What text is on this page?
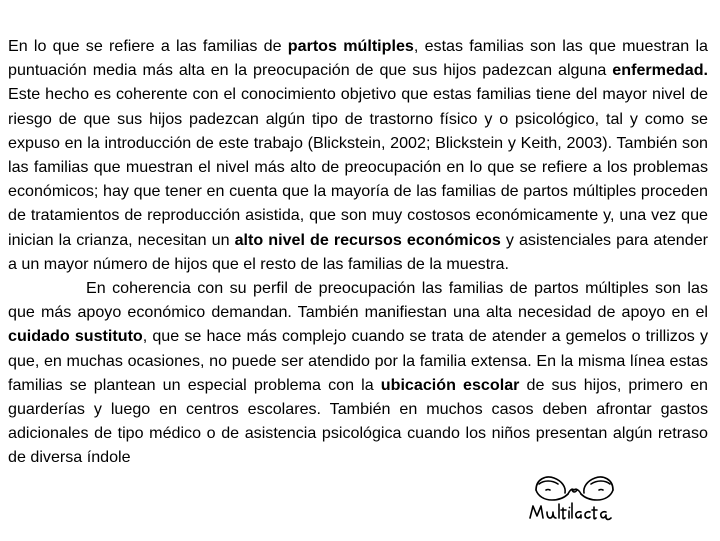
En lo que se refiere a las familias de partos múltiples, estas familias son las que muestran la puntuación media más alta en la preocupación de que sus hijos padezcan alguna enfermedad. Este hecho es coherente con el conocimiento objetivo que estas familias tiene del mayor nivel de riesgo de que sus hijos padezcan algún tipo de trastorno físico y o psicológico, tal y como se expuso en la introducción de este trabajo (Blickstein, 2002; Blickstein y Keith, 2003). También son las familias que muestran el nivel más alto de preocupación en lo que se refiere a los problemas económicos; hay que tener en cuenta que la mayoría de las familias de partos múltiples proceden de tratamientos de reproducción asistida, que son muy costosos económicamente y, una vez que inician la crianza, necesitan un alto nivel de recursos económicos y asistenciales para atender a un mayor número de hijos que el resto de las familias de la muestra.

En coherencia con su perfil de preocupación las familias de partos múltiples son las que más apoyo económico demandan. También manifiestan una alta necesidad de apoyo en el cuidado sustituto, que se hace más complejo cuando se trata de atender a gemelos o trillizos y que, en muchas ocasiones, no puede ser atendido por la familia extensa. En la misma línea estas familias se plantean un especial problema con la ubicación escolar de sus hijos, primero en guarderías y luego en centros escolares. También en muchos casos deben afrontar gastos adicionales de tipo médico o de asistencia psicológica cuando los niños presentan algún retraso de diversa índole
